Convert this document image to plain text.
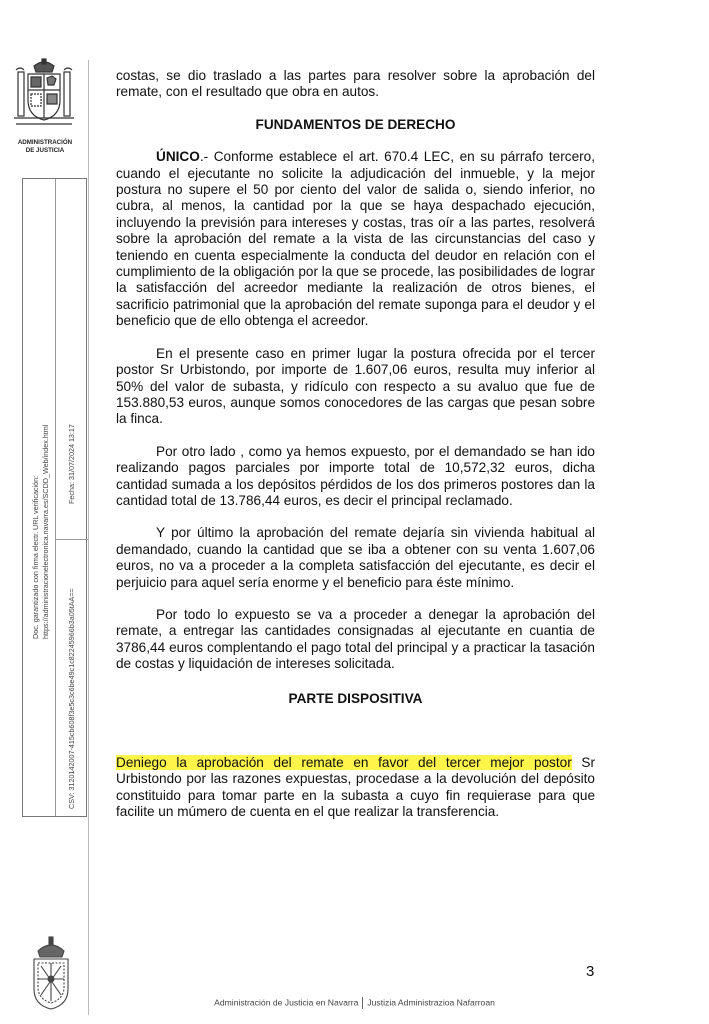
ADMINISTRACIÓN
DE JUSTICIA
Doc. garantizado con firma electr. URL verificación: https://administracionelectronica.navarra.es/SCDD_Web/index.html Fecha: 31/07/2024 13:17
CSV: 3120142007-415cb608f3e5c3c6be49c1c82245966b3a05tAA==

costas, se dio traslado a las partes para resolver sobre la aprobación del remate, con el resultado que obra en autos.

FUNDAMENTOS DE DERECHO

ÚNICO.- Conforme establece el art. 670.4 LEC, en su párrafo tercero, cuando el ejecutante no solicite la adjudicación del inmueble, y la mejor postura no supere el 50 por ciento del valor de salida o, siendo inferior, no cubra, al menos, la cantidad por la que se haya despachado ejecución, incluyendo la previsión para intereses y costas, tras oír a las partes, resolverá sobre la aprobación del remate a la vista de las circunstancias del caso y teniendo en cuenta especialmente la conducta del deudor en relación con el cumplimiento de la obligación por la que se procede, las posibilidades de lograr la satisfacción del acreedor mediante la realización de otros bienes, el sacrificio patrimonial que la aprobación del remate suponga para el deudor y el beneficio que de ello obtenga el acreedor.

En el presente caso en primer lugar la postura ofrecida por el tercer postor Sr Urbistondo, por importe de 1.607,06 euros, resulta muy inferior al 50% del valor de subasta, y ridículo con respecto a su avaluo que fue de 153.880,53 euros, aunque somos conocedores de las cargas que pesan sobre la finca.

Por otro lado , como ya hemos expuesto, por el demandado se han ido realizando pagos parciales por importe total de 10,572,32 euros, dicha cantidad sumada a los depósitos pérdidos de los dos primeros postores dan la cantidad total de 13.786,44 euros, es decir el principal reclamado.

Y por último la aprobación del remate dejaría sin vivienda habitual al demandado, cuando la cantidad que se iba a obtener con su venta 1.607,06 euros, no va a proceder a la completa satisfacción del ejecutante, es decir el perjuicio para aquel sería enorme y el beneficio para éste mínimo.

Por todo lo expuesto se va a proceder a denegar la aprobación del remate, a entregar las cantidades consignadas al ejecutante en cuantia de 3786,44 euros complentando el pago total del principal y a practicar la tasación de costas y liquidación de intereses solicitada.

PARTE DISPOSITIVA

Deniego la aprobación del remate en favor del tercer mejor postor Sr Urbistondo por las razones expuestas, procedase a la devolución del depósito constituido para tomar parte en la subasta a cuyo fin requierase para que facilite un múmero de cuenta en el que realizar la transferencia.

3
Administración de Justicia en Navarra Justizia Administrazioa Nafarroan
